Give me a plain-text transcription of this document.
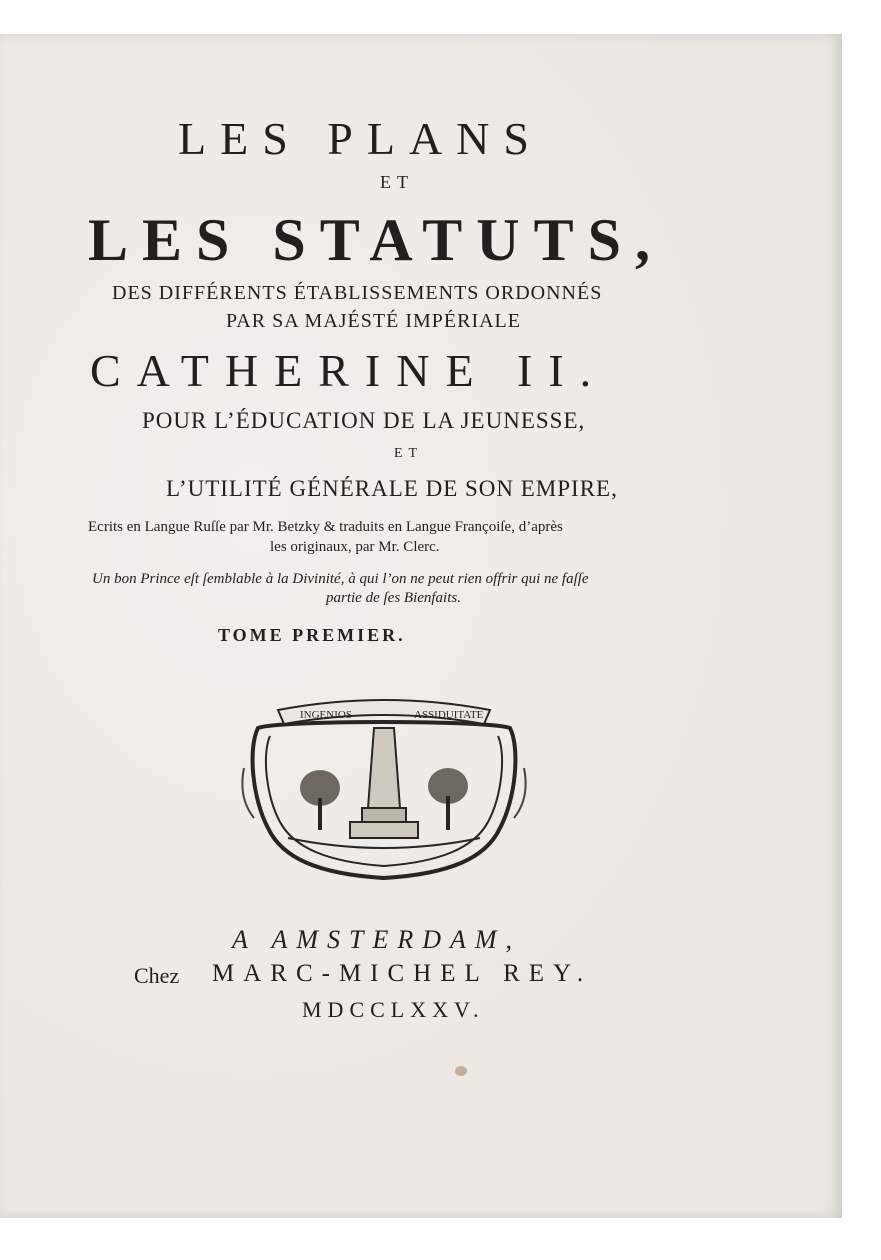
LES PLANS
ET
LES STATUTS,
DES DIFFÉRENTS ÉTABLISSEMENTS ORDONNÉS
PAR SA MAJÉSTÉ IMPÉRIALE
CATHERINE II.
POUR L’ÉDUCATION DE LA JEUNESSE,
ET
L’UTILITÉ GÉNÉRALE DE SON EMPIRE,
Ecrits en Langue Ruſſe par Mr. Betzky & traduits en Langue Françoiſe, d’après
les originaux, par Mr. Clerc.
Un bon Prince eſt ſemblable à la Divinité, à qui l’on ne peut rien offrir qui ne faſſe
partie de ſes Bienfaits.
TOME PREMIER.
INGENIOS	ASSIDUITATE
A AMSTERDAM,
Chez MARC-MICHEL REY.
MDCCLXXV.
